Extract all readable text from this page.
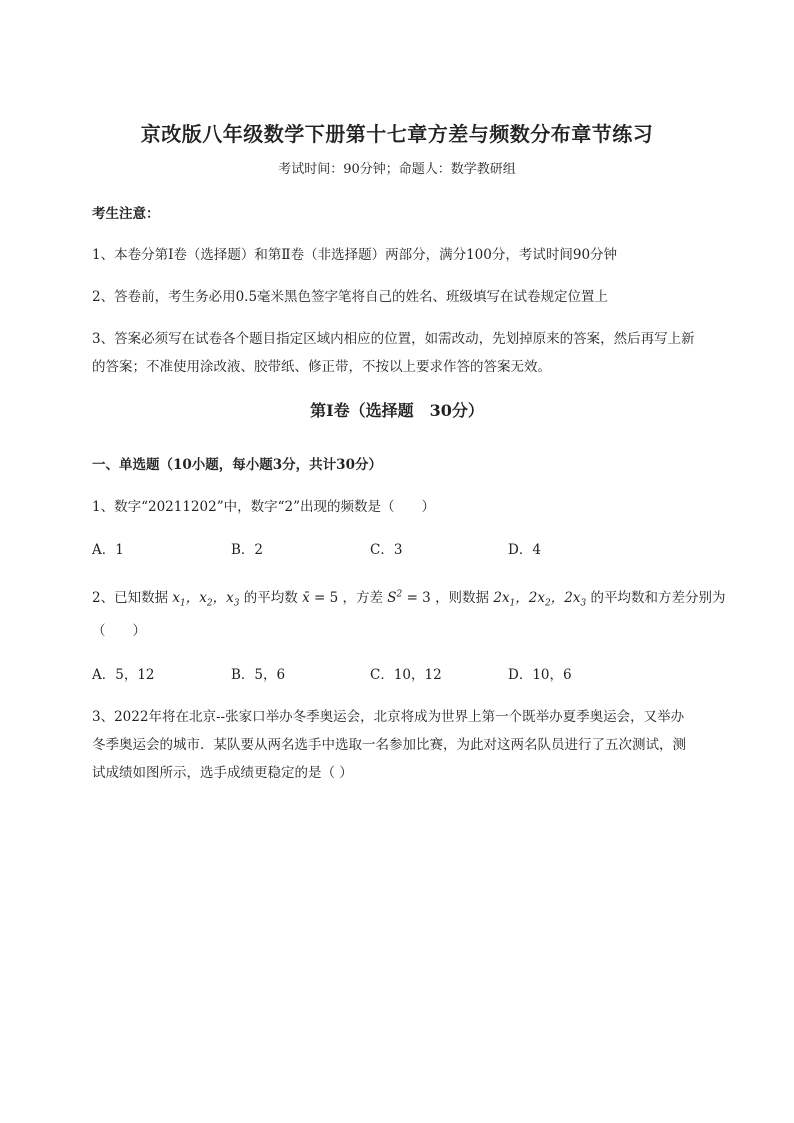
京改版八年级数学下册第十七章方差与频数分布章节练习
考试时间：90分钟；命题人：数学教研组
考生注意：
1、本卷分第I卷（选择题）和第Ⅱ卷（非选择题）两部分，满分100分，考试时间90分钟
2、答卷前，考生务必用0.5毫米黑色签字笔将自己的姓名、班级填写在试卷规定位置上
3、答案必须写在试卷各个题目指定区域内相应的位置，如需改动，先划掉原来的答案，然后再写上新
的答案；不准使用涂改液、胶带纸、修正带，不按以上要求作答的答案无效。
第I卷（选择题　30分）
一、单选题（10小题，每小题3分，共计30分）
1、数字“20211202”中，数字“2”出现的频数是（　　）
A．1	B．2	C．3	D．4
2、已知数据 $x_1$，$x_2$，$x_3$ 的平均数 x̄ = 5 ，方差 $S^2 = 3$ ，则数据 $2x_1$，$2x_2$，$2x_3$ 的平均数和方差分别为
（　　）
A．5，12	B．5，6	C．10，12	D．10，6
3、2022年将在北京--张家口举办冬季奥运会，北京将成为世界上第一个既举办夏季奥运会，又举办
冬季奥运会的城市．某队要从两名选手中选取一名参加比赛，为此对这两名队员进行了五次测试，测
试成绩如图所示，选手成绩更稳定的是（ ）
